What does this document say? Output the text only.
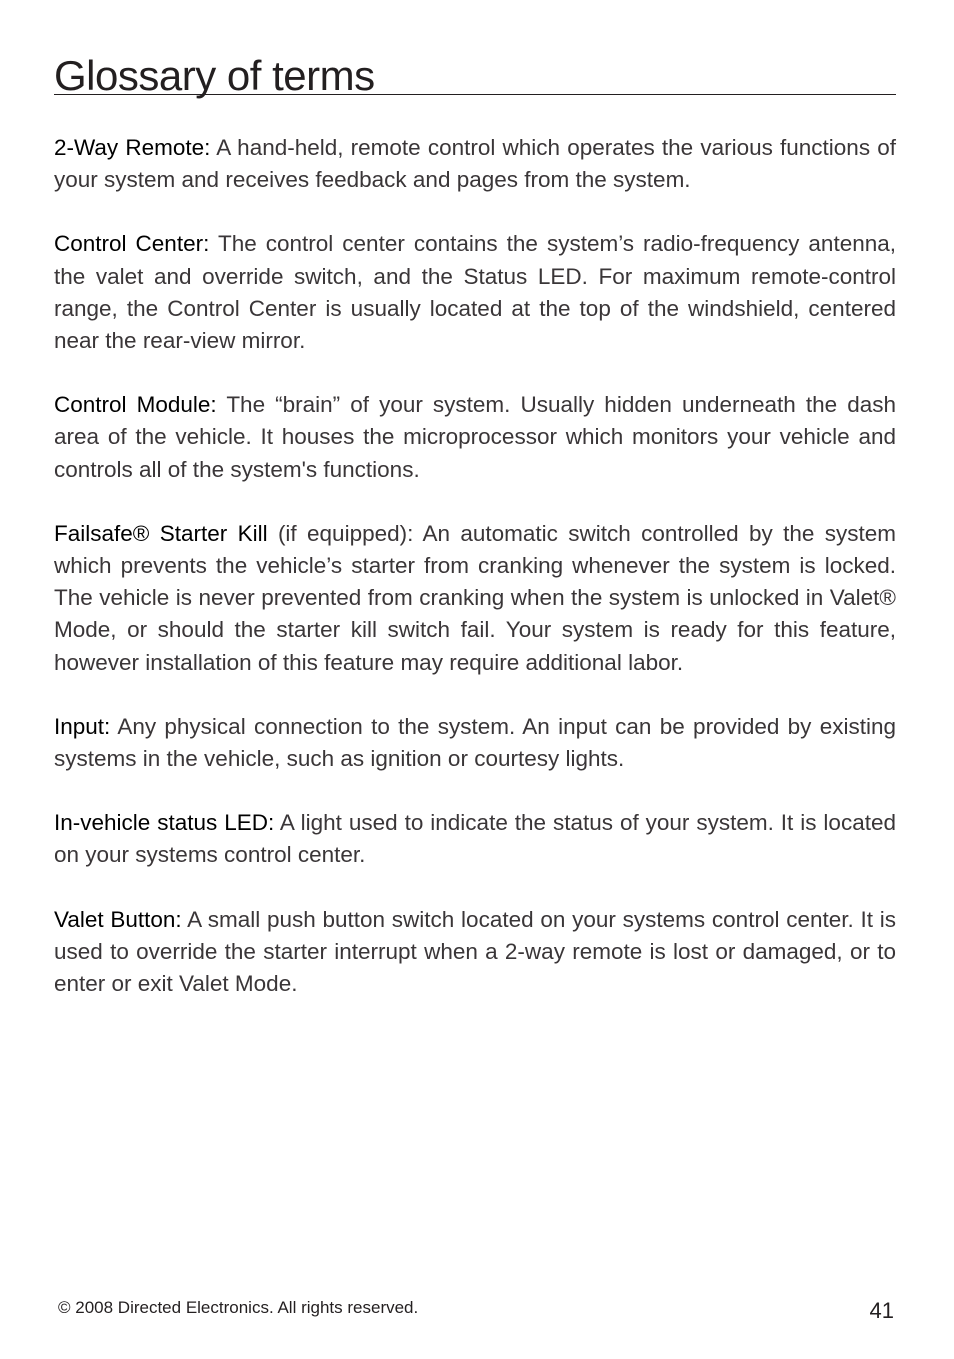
Glossary of terms

2-Way Remote: A hand-held, remote control which operates the various functions of your system and receives feedback and pages from the system.

Control Center: The control center contains the system’s radio-frequency antenna, the valet and override switch, and the Status LED. For maximum remote-control range, the Control Center is usually located at the top of the windshield, centered near the rear-view mirror.

Control Module: The “brain” of your system. Usually hidden underneath the dash area of the vehicle. It houses the microprocessor which monitors your vehicle and controls all of the system's functions.

Failsafe® Starter Kill (if equipped): An automatic switch controlled by the system which prevents the vehicle’s starter from cranking whenever the system is locked. The vehicle is never prevented from cranking when the system is unlocked in Valet® Mode, or should the starter kill switch fail. Your system is ready for this feature, however installation of this feature may require additional labor.

Input: Any physical connection to the system. An input can be provided by existing systems in the vehicle, such as ignition or courtesy lights.

In-vehicle status LED: A light used to indicate the status of your system. It is located on your systems control center.

Valet Button: A small push button switch located on your systems control center. It is used to override the starter interrupt when a 2-way remote is lost or damaged, or to enter or exit Valet Mode.

© 2008 Directed Electronics. All rights reserved.	41
